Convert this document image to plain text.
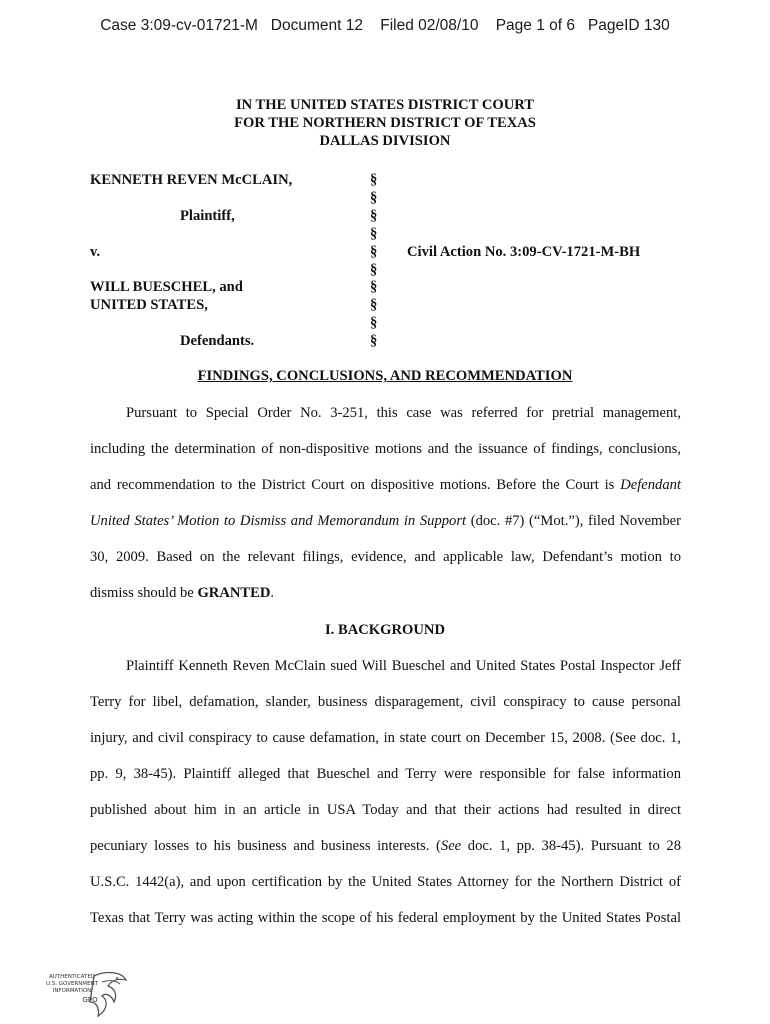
Case 3:09-cv-01721-M   Document 12    Filed 02/08/10    Page 1 of 6   PageID 130
IN THE UNITED STATES DISTRICT COURT
FOR THE NORTHERN DISTRICT OF TEXAS
DALLAS DIVISION
KENNETH REVEN McCLAIN,
Plaintiff,
v.
WILL BUESCHEL, and
UNITED STATES,
Defendants.
§
§
§
§
§
§
§
§
§
§
Civil Action No. 3:09-CV-1721-M-BH
FINDINGS, CONCLUSIONS, AND RECOMMENDATION
Pursuant to Special Order No. 3-251, this case was referred for pretrial management,
including the determination of non-dispositive motions and the issuance of findings, conclusions,
and recommendation to the District Court on dispositive motions. Before the Court is Defendant
United States’ Motion to Dismiss and Memorandum in Support (doc. #7) (“Mot.”), filed November
30, 2009. Based on the relevant filings, evidence, and applicable law, Defendant’s motion to
dismiss should be GRANTED.
I. BACKGROUND
Plaintiff Kenneth Reven McClain sued Will Bueschel and United States Postal Inspector Jeff
Terry for libel, defamation, slander, business disparagement, civil conspiracy to cause personal
injury, and civil conspiracy to cause defamation, in state court on December 15, 2008. (See doc. 1,
pp. 9, 38-45). Plaintiff alleged that Bueschel and Terry were responsible for false information
published about him in an article in USA Today and that their actions had resulted in direct
pecuniary losses to his business and business interests. (See doc. 1, pp. 38-45). Pursuant to 28
U.S.C. 1442(a), and upon certification by the United States Attorney for the Northern District of
Texas that Terry was acting within the scope of his federal employment by the United States Postal
AUTHENTICATED
U.S. GOVERNMENT
INFORMATION
GPO
